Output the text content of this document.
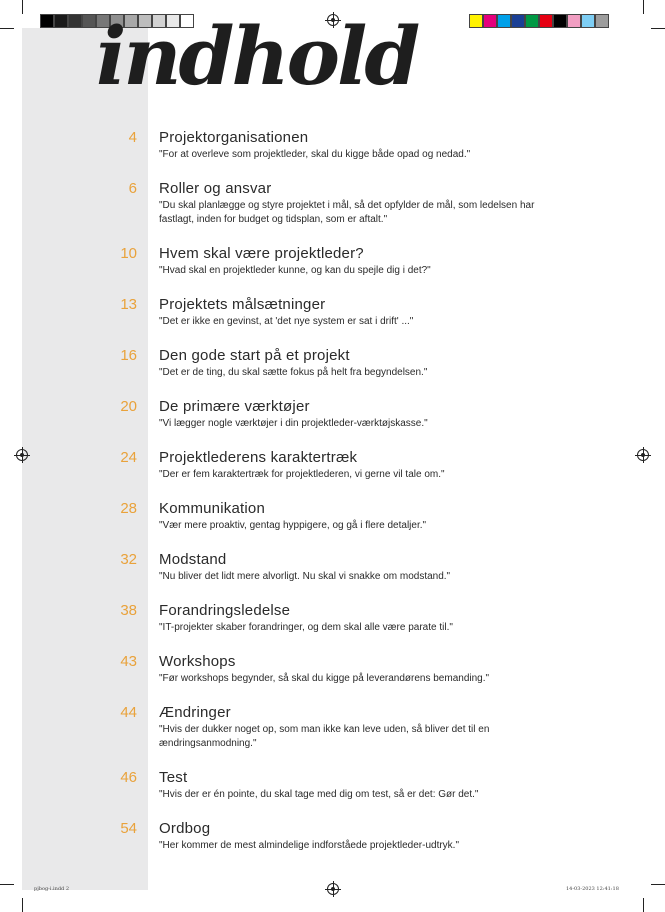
indhold
4 Projektorganisationen
"For at overleve som projektleder, skal du kigge både opad og nedad."
6 Roller og ansvar
"Du skal planlægge og styre projektet i mål, så det opfylder de mål, som ledelsen har fastlagt, inden for budget og tidsplan, som er aftalt."
10 Hvem skal være projektleder?
"Hvad skal en projektleder kunne, og kan du spejle dig i det?"
13 Projektets målsætninger
"Det er ikke en gevinst, at 'det nye system er sat i drift' ..."
16 Den gode start på et projekt
"Det er de ting, du skal sætte fokus på helt fra begyndelsen."
20 De primære værktøjer
"Vi lægger nogle værktøjer i din projektleder-værktøjskasse."
24 Projektlederens karaktertræk
"Der er fem karaktertræk for projektlederen, vi gerne vil tale om."
28 Kommunikation
"Vær mere proaktiv, gentag hyppigere, og gå i flere detaljer."
32 Modstand
"Nu bliver det lidt mere alvorligt. Nu skal vi snakke om modstand."
38 Forandringsledelse
"IT-projekter skaber forandringer, og dem skal alle være parate til."
43 Workshops
"Før workshops begynder, så skal du kigge på leverandørens bemanding."
44 Ændringer
"Hvis der dukker noget op, som man ikke kan leve uden, så bliver det til en ændringsanmodning."
46 Test
"Hvis der er én pointe, du skal tage med dig om test, så er det: Gør det."
54 Ordbog
"Her kommer de mest almindelige indforståede projektleder-udtryk."
pjbog-i.indd 2	14-03-2023 12:41:18
